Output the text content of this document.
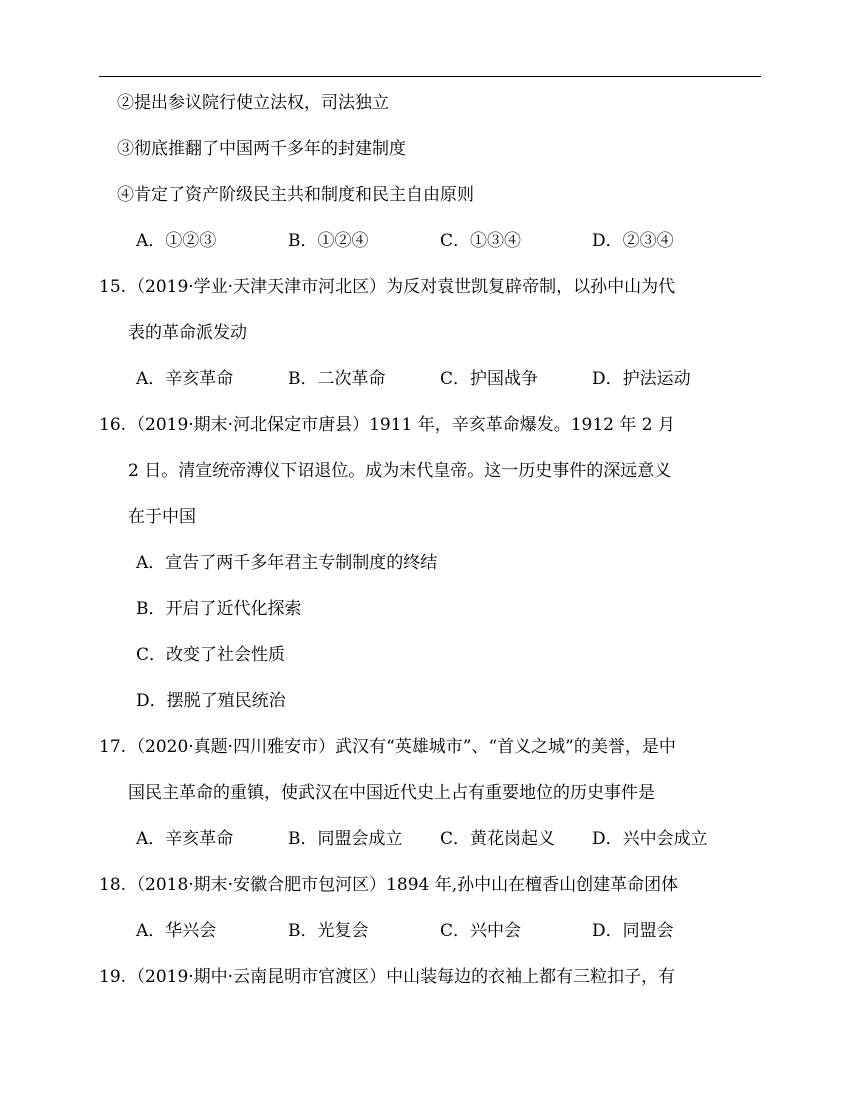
②提出参议院行使立法权，司法独立
③彻底推翻了中国两千多年的封建制度
④肯定了资产阶级民主共和制度和民主自由原则
A．①②③	B．①②④	C．①③④	D．②③④
15. （2019·学业·天津天津市河北区）为反对袁世凯复辟帝制，以孙中山为代
表的革命派发动
A．辛亥革命	B．二次革命	C．护国战争	D．护法运动
16. （2019·期末·河北保定市唐县）1911 年，辛亥革命爆发。1912 年 2 月
2 日。清宣统帝溥仪下诏退位。成为末代皇帝。这一历史事件的深远意义
在于中国
A．宣告了两千多年君主专制制度的终结
B．开启了近代化探索
C．改变了社会性质
D．摆脱了殖民统治
17. （2020·真题·四川雅安市）武汉有“英雄城市”、“首义之城”的美誉，是中
国民主革命的重镇，使武汉在中国近代史上占有重要地位的历史事件是
A．辛亥革命	B．同盟会成立 C．黄花岗起义 D．兴中会成立
18. （2018·期末·安徽合肥市包河区）1894 年,孙中山在檀香山创建革命团体
A．华兴会	B．光复会	C．兴中会	D．同盟会
19. （2019·期中·云南昆明市官渡区）中山装每边的衣袖上都有三粒扣子，有
